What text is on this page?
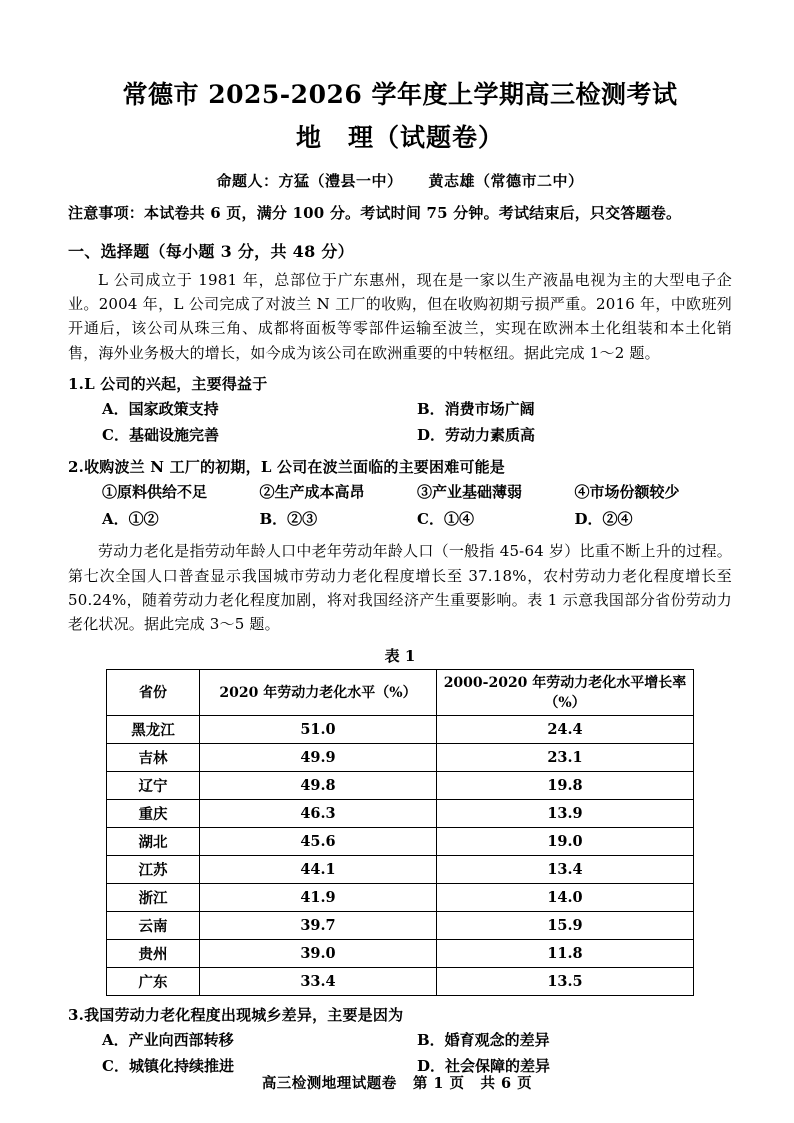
常德市 2025-2026 学年度上学期高三检测考试
地　理（试题卷）
命题人：方猛（澧县一中） 黄志雄（常德市二中）
注意事项：本试卷共 6 页，满分 100 分。考试时间 75 分钟。考试结束后，只交答题卷。
一、选择题（每小题 3 分，共 48 分）
L 公司成立于 1981 年，总部位于广东惠州，现在是一家以生产液晶电视为主的大型电子企业。2004 年，L 公司完成了对波兰 N 工厂的收购，但在收购初期亏损严重。2016 年，中欧班列开通后，该公司从珠三角、成都将面板等零部件运输至波兰，实现在欧洲本土化组装和本土化销售，海外业务极大的增长，如今成为该公司在欧洲重要的中转枢纽。据此完成 1～2 题。
1.L 公司的兴起，主要得益于
A．国家政策支持	B．消费市场广阔
C．基础设施完善	D．劳动力素质高
2.收购波兰 N 工厂的初期，L 公司在波兰面临的主要困难可能是
①原料供给不足	②生产成本高昂	③产业基础薄弱	④市场份额较少
A．①②	B．②③	C．①④	D．②④
劳动力老化是指劳动年龄人口中老年劳动年龄人口（一般指 45-64 岁）比重不断上升的过程。第七次全国人口普查显示我国城市劳动力老化程度增长至 37.18%，农村劳动力老化程度增长至 50.24%，随着劳动力老化程度加剧，将对我国经济产生重要影响。表 1 示意我国部分省份劳动力老化状况。据此完成 3～5 题。
表 1
省份	2020 年劳动力老化水平（%）	2000-2020 年劳动力老化水平增长率（%）
黑龙江	51.0	24.4
吉林	49.9	23.1
辽宁	49.8	19.8
重庆	46.3	13.9
湖北	45.6	19.0
江苏	44.1	13.4
浙江	41.9	14.0
云南	39.7	15.9
贵州	39.0	11.8
广东	33.4	13.5
3.我国劳动力老化程度出现城乡差异，主要是因为
A．产业向西部转移	B．婚育观念的差异
C．城镇化持续推进	D．社会保障的差异
高三检测地理试题卷 第 1 页 共 6 页
